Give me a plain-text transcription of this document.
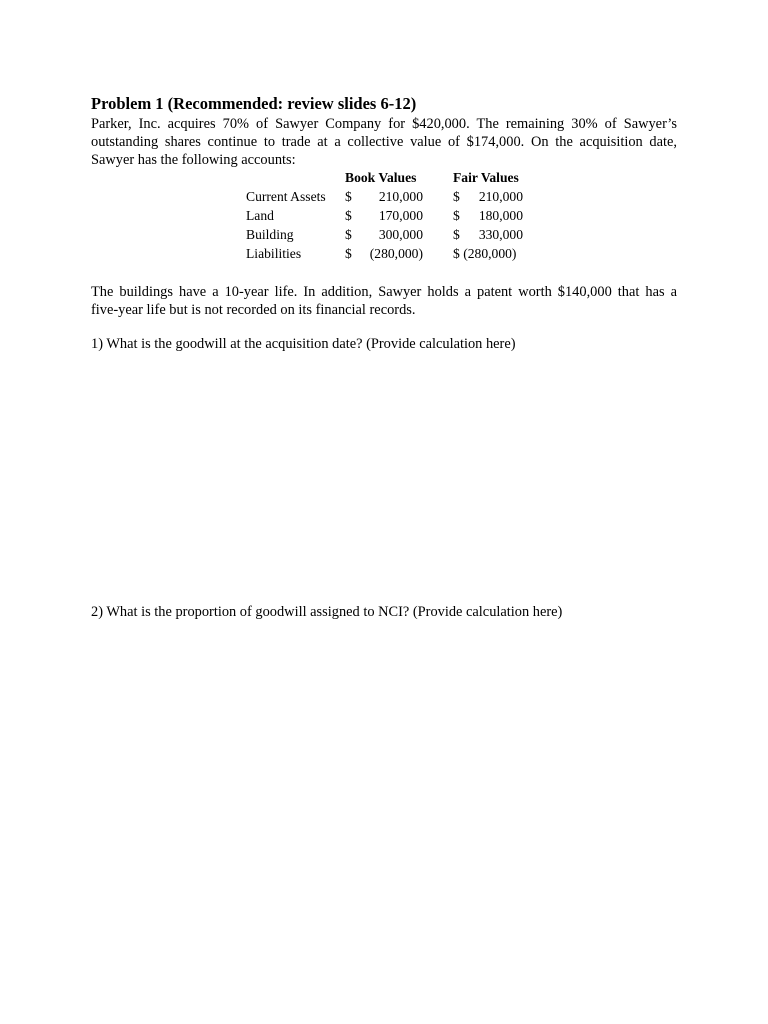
Problem 1 (Recommended: review slides 6-12)
Parker, Inc. acquires 70% of Sawyer Company for $420,000. The remaining 30% of Sawyer’s
outstanding shares continue to trade at a collective value of $174,000. On the acquisition date,
Sawyer has the following accounts:
Book Values	Fair Values
Current Assets $	210,000 $ 210,000
Land	$	170,000 $ 180,000
Building	$	300,000 $ 330,000
Liabilities	$	(280,000) $ (280,000)
The buildings have a 10-year life. In addition, Sawyer holds a patent worth $140,000 that has a
five-year life but is not recorded on its financial records.
1) What is the goodwill at the acquisition date? (Provide calculation here)
2) What is the proportion of goodwill assigned to NCI? (Provide calculation here)
